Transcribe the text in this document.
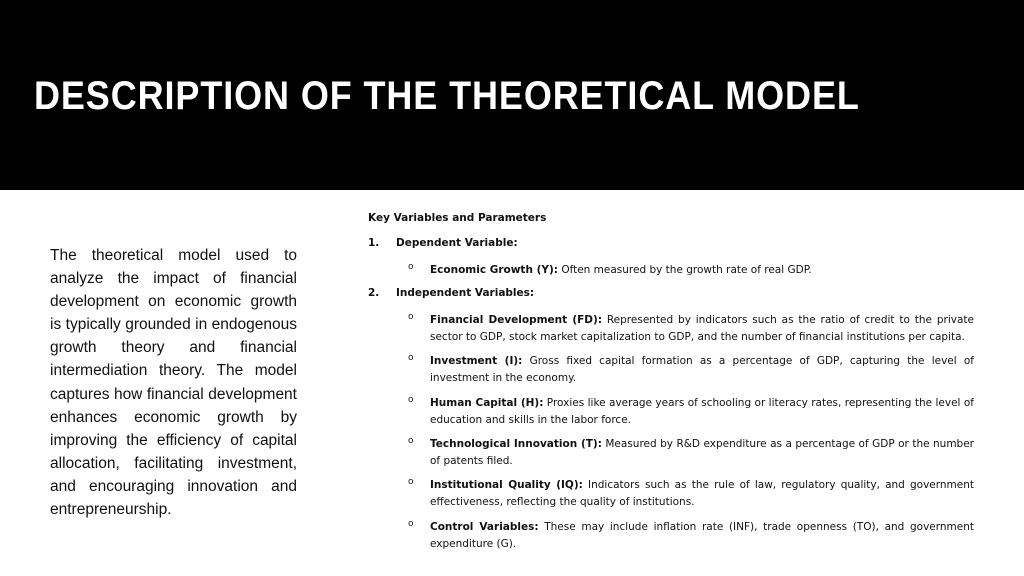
DESCRIPTION OF THE THEORETICAL MODEL
The theoretical model used to analyze the impact of financial development on economic growth is typically grounded in endogenous growth theory and financial intermediation theory. The model captures how financial development enhances economic growth by improving the efficiency of capital allocation, facilitating investment, and encouraging innovation and entrepreneurship.
Key Variables and Parameters
1. Dependent Variable:
o Economic Growth (Y): Often measured by the growth rate of real GDP.
2. Independent Variables:
o Financial Development (FD): Represented by indicators such as the ratio of credit to the private sector to GDP, stock market capitalization to GDP, and the number of financial institutions per capita.
o Investment (I): Gross fixed capital formation as a percentage of GDP, capturing the level of investment in the economy.
o Human Capital (H): Proxies like average years of schooling or literacy rates, representing the level of education and skills in the labor force.
o Technological Innovation (T): Measured by R&D expenditure as a percentage of GDP or the number of patents filed.
o Institutional Quality (IQ): Indicators such as the rule of law, regulatory quality, and government effectiveness, reflecting the quality of institutions.
o Control Variables: These may include inflation rate (INF), trade openness (TO), and government expenditure (G).
